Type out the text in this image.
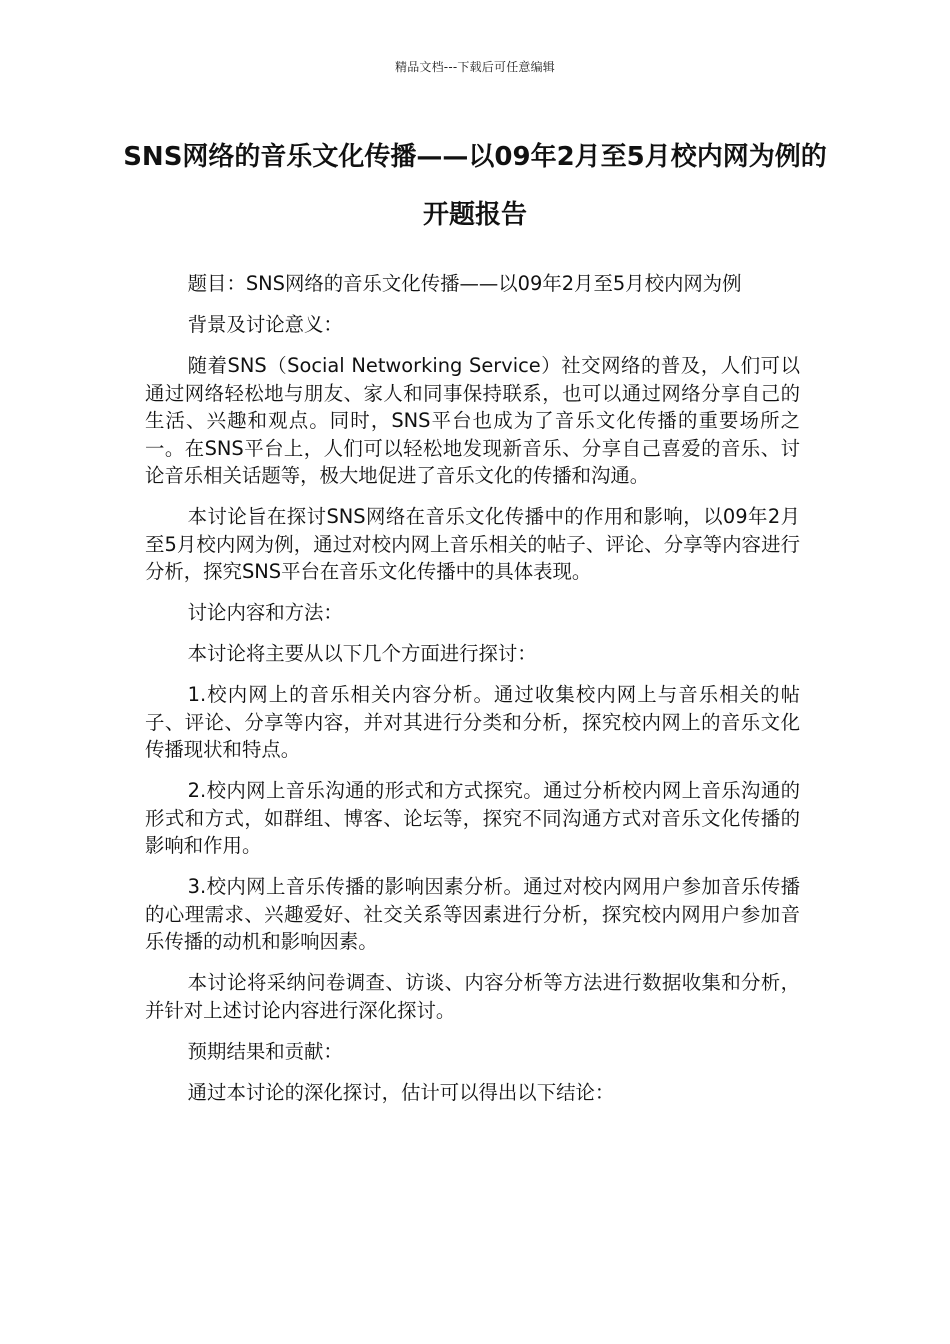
精品文档---下载后可任意编辑
SNS网络的音乐文化传播——以09年2月至5月校内网为例的开题报告

题目：SNS网络的音乐文化传播——以09年2月至5月校内网为例

背景及讨论意义：

随着SNS（Social Networking Service）社交网络的普及，人们可以通过网络轻松地与朋友、家人和同事保持联系，也可以通过网络分享自己的生活、兴趣和观点。同时，SNS平台也成为了音乐文化传播的重要场所之一。在SNS平台上，人们可以轻松地发现新音乐、分享自己喜爱的音乐、讨论音乐相关话题等，极大地促进了音乐文化的传播和沟通。

本讨论旨在探讨SNS网络在音乐文化传播中的作用和影响，以09年2月至5月校内网为例，通过对校内网上音乐相关的帖子、评论、分享等内容进行分析，探究SNS平台在音乐文化传播中的具体表现。

讨论内容和方法：

本讨论将主要从以下几个方面进行探讨：

1.校内网上的音乐相关内容分析。通过收集校内网上与音乐相关的帖子、评论、分享等内容，并对其进行分类和分析，探究校内网上的音乐文化传播现状和特点。

2.校内网上音乐沟通的形式和方式探究。通过分析校内网上音乐沟通的形式和方式，如群组、博客、论坛等，探究不同沟通方式对音乐文化传播的影响和作用。

3.校内网上音乐传播的影响因素分析。通过对校内网用户参加音乐传播的心理需求、兴趣爱好、社交关系等因素进行分析，探究校内网用户参加音乐传播的动机和影响因素。

本讨论将采纳问卷调查、访谈、内容分析等方法进行数据收集和分析，并针对上述讨论内容进行深化探讨。

预期结果和贡献：

通过本讨论的深化探讨，估计可以得出以下结论：
